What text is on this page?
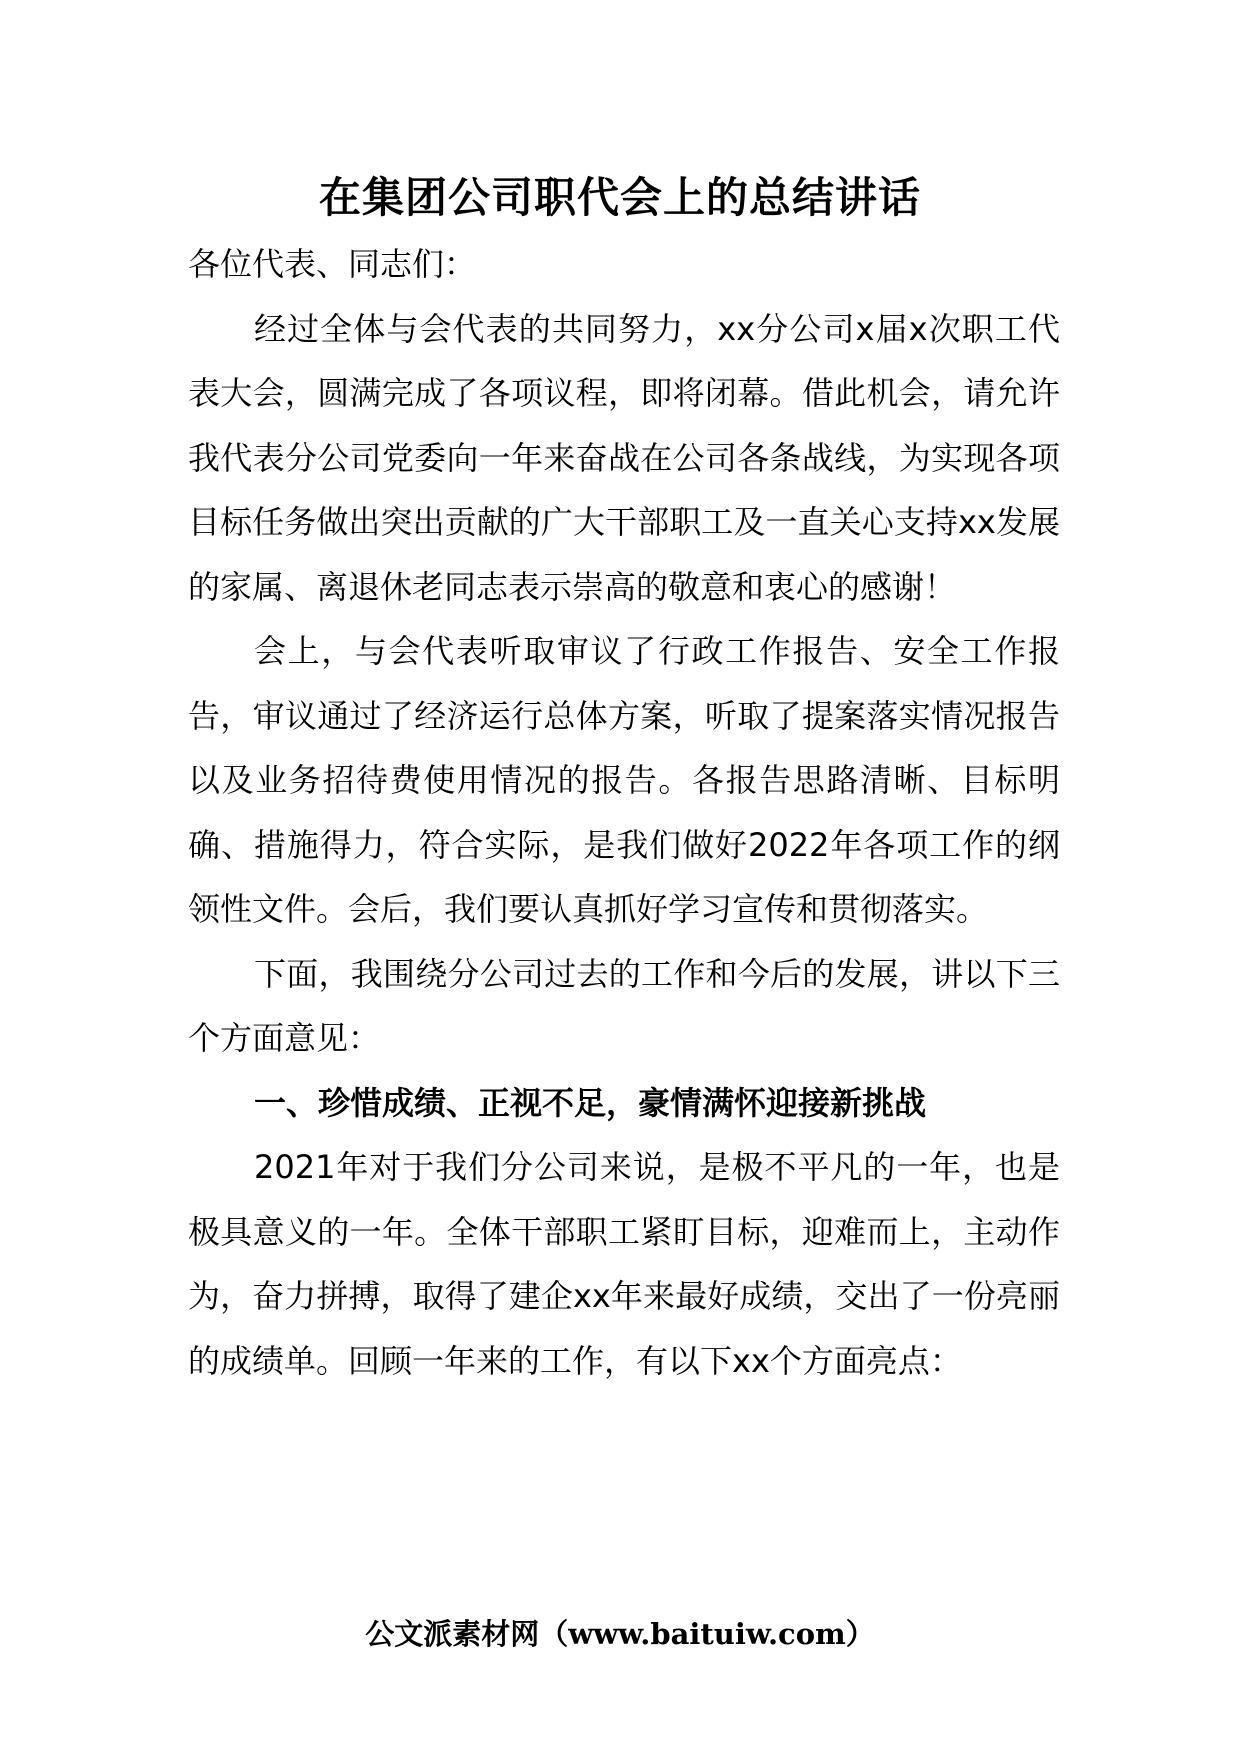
在集团公司职代会上的总结讲话

各位代表、同志们：

经过全体与会代表的共同努力，xx分公司x届x次职工代表大会，圆满完成了各项议程，即将闭幕。借此机会，请允许我代表分公司党委向一年来奋战在公司各条战线，为实现各项目标任务做出突出贡献的广大干部职工及一直关心支持xx发展的家属、离退休老同志表示崇高的敬意和衷心的感谢！

会上，与会代表听取审议了行政工作报告、安全工作报告，审议通过了经济运行总体方案，听取了提案落实情况报告以及业务招待费使用情况的报告。各报告思路清晰、目标明确、措施得力，符合实际，是我们做好2022年各项工作的纲领性文件。会后，我们要认真抓好学习宣传和贯彻落实。

下面，我围绕分公司过去的工作和今后的发展，讲以下三个方面意见：

一、珍惜成绩、正视不足，豪情满怀迎接新挑战

2021年对于我们分公司来说，是极不平凡的一年，也是极具意义的一年。全体干部职工紧盯目标，迎难而上，主动作为，奋力拼搏，取得了建企xx年来最好成绩，交出了一份亮丽的成绩单。回顾一年来的工作，有以下xx个方面亮点：

公文派素材网（www.baituiw.com）
